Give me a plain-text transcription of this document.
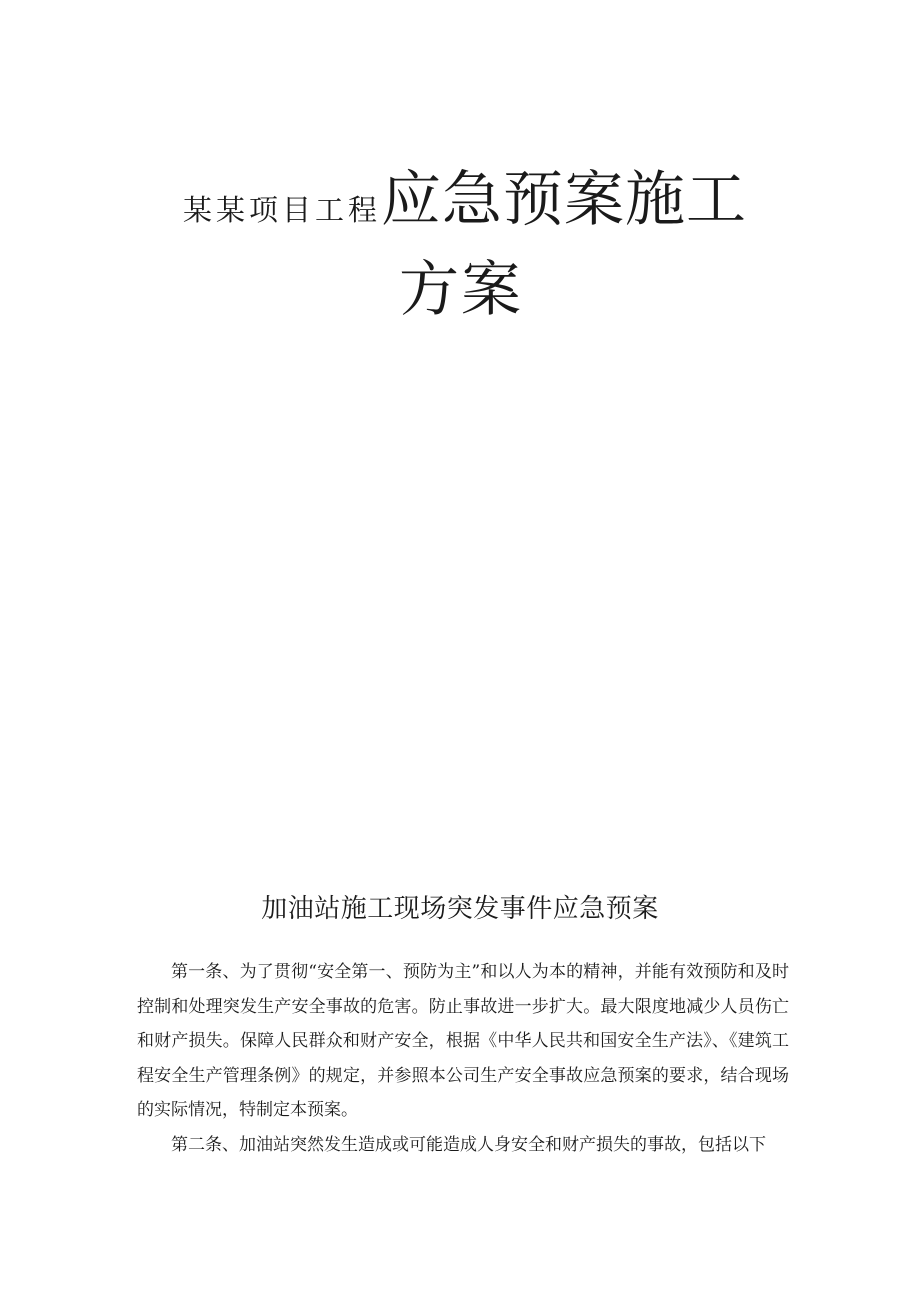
某某项目工程 应急预案施工
方案
加油站施工现场突发事件应急预案

第一条、为了贯彻“安全第一、预防为主”和以人为本的精神，并能有效预防和及时控制和处理突发生产安全事故的危害。防止事故进一步扩大。最大限度地减少人员伤亡和财产损失。保障人民群众和财产安全，根据《中华人民共和国安全生产法》、《建筑工程安全生产管理条例》的规定，并参照本公司生产安全事故应急预案的要求，结合现场的实际情况，特制定本预案。

第二条、加油站突然发生造成或可能造成人身安全和财产损失的事故，包括以下
